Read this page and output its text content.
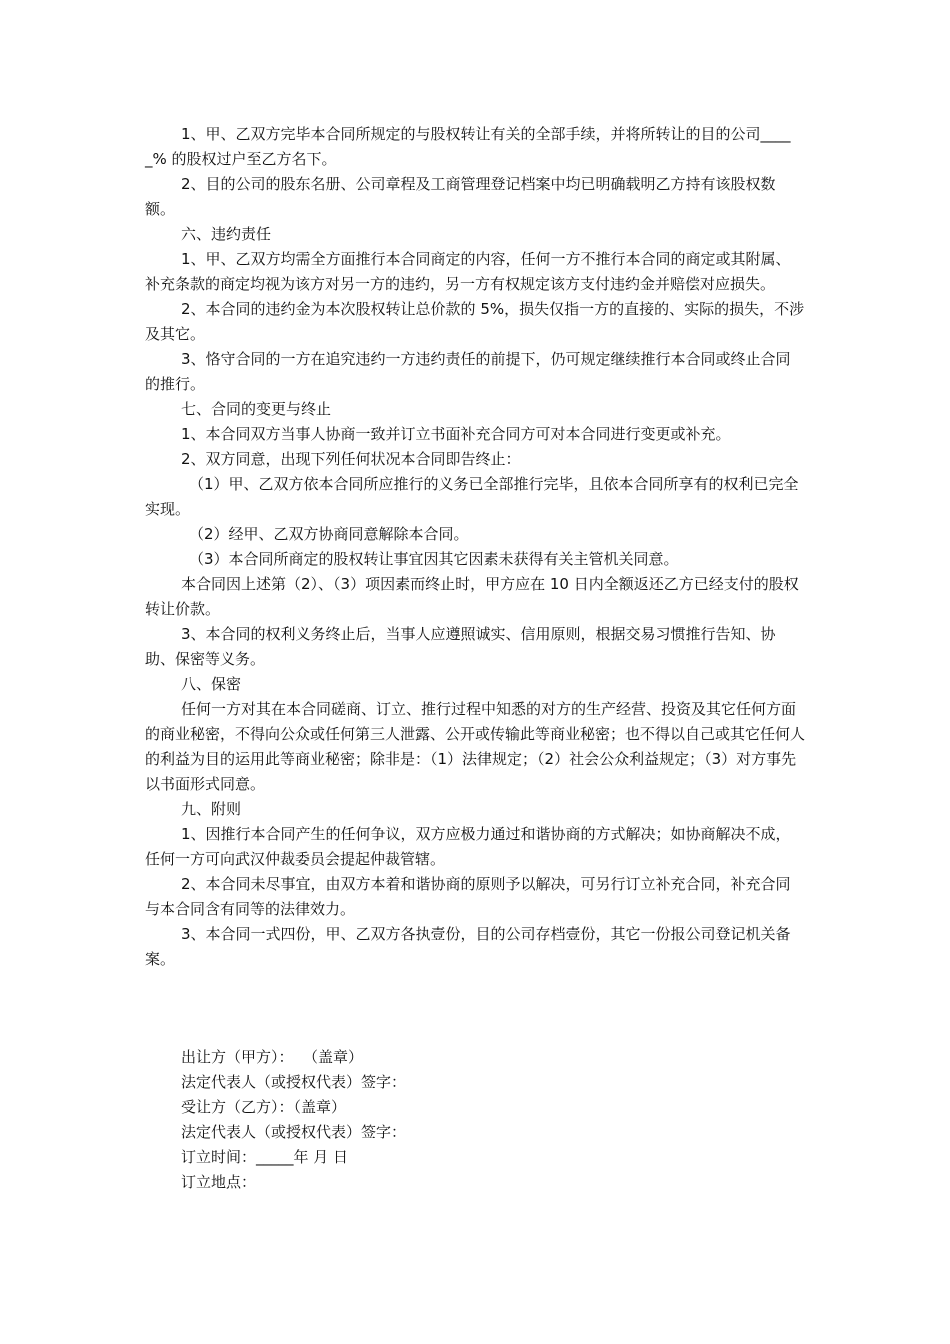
1、甲、乙双方完毕本合同所规定的与股权转让有关的全部手续，并将所转让的目的公司_____% 的股权过户至乙方名下。

2、目的公司的股东名册、公司章程及工商管理登记档案中均已明确载明乙方持有该股权数额。

六、违约责任

1、甲、乙双方均需全方面推行本合同商定的内容，任何一方不推行本合同的商定或其附属、补充条款的商定均视为该方对另一方的违约，另一方有权规定该方支付违约金并赔偿对应损失。

2、本合同的违约金为本次股权转让总价款的 5%，损失仅指一方的直接的、实际的损失，不涉及其它。

3、恪守合同的一方在追究违约一方违约责任的前提下，仍可规定继续推行本合同或终止合同的推行。

七、合同的变更与终止

1、本合同双方当事人协商一致并订立书面补充合同方可对本合同进行变更或补充。

2、双方同意，出现下列任何状况本合同即告终止：

（1）甲、乙双方依本合同所应推行的义务已全部推行完毕，且依本合同所享有的权利已完全实现。

（2）经甲、乙双方协商同意解除本合同。

（3）本合同所商定的股权转让事宜因其它因素未获得有关主管机关同意。

本合同因上述第（2）、（3）项因素而终止时，甲方应在 10 日内全额返还乙方已经支付的股权转让价款。

3、本合同的权利义务终止后，当事人应遵照诚实、信用原则，根据交易习惯推行告知、协助、保密等义务。

八、保密

任何一方对其在本合同磋商、订立、推行过程中知悉的对方的生产经营、投资及其它任何方面的商业秘密，不得向公众或任何第三人泄露、公开或传输此等商业秘密；也不得以自己或其它任何人的利益为目的运用此等商业秘密；除非是：（1）法律规定；（2）社会公众利益规定；（3）对方事先以书面形式同意。

九、附则

1、因推行本合同产生的任何争议，双方应极力通过和谐协商的方式解决；如协商解决不成，任何一方可向武汉仲裁委员会提起仲裁管辖。

2、本合同未尽事宜，由双方本着和谐协商的原则予以解决，可另行订立补充合同，补充合同与本合同含有同等的法律效力。

3、本合同一式四份，甲、乙双方各执壹份，目的公司存档壹份，其它一份报公司登记机关备案。

出让方（甲方）：  （盖章）

法定代表人（或授权代表）签字：

受让方（乙方）：（盖章）

法定代表人（或授权代表）签字：

订立时间：_____年 月 日

订立地点：
